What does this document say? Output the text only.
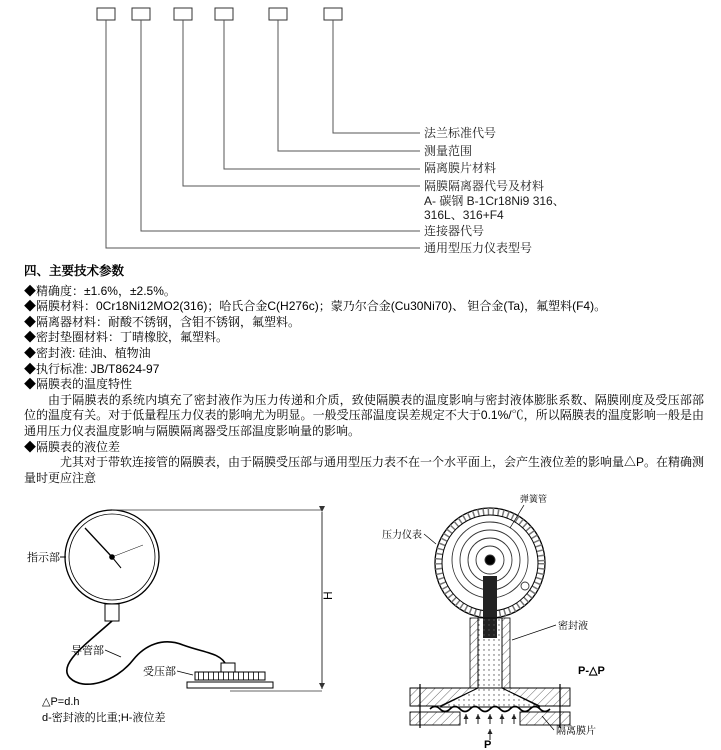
法兰标准代号
测量范围
隔离膜片材料
隔膜隔离器代号及材料
A- 碳钢 B-1Cr18Ni9 316、
316L、316+F4
连接器代号
通用型压力仪表型号
四、主要技术参数
◆精确度：±1.6%，±2.5%。
◆隔膜材料：0Cr18Ni12MO2(316)；哈氏合金C(H276c)；蒙乃尔合金(Cu30Ni70)、 钽合金(Ta)，氟塑料(F4)。
◆隔离器材料：耐酸不锈钢，含钼不锈钢，氟塑料。
◆密封垫圈材料：丁晴橡胶，氟塑料。
◆密封液: 硅油、植物油
◆执行标准: JB/T8624-97
◆隔膜表的温度特性
由于隔膜表的系统内填充了密封液作为压力传递和介质，致使隔膜表的温度影响与密封液体膨胀系数、隔膜刚度及受压部部位的温度有关。对于低量程压力仪表的影响尤为明显。一般受压部温度误差规定不大于0.1%/℃，所以隔膜表的温度影响一般是由通用压力仪表温度影响与隔膜隔离器受压部温度影响量的影响。
◆隔膜表的液位差
尤其对于带软连接管的隔膜表，由于隔膜受压部与通用型压力表不在一个水平面上，会产生液位差的影响量△P。在精确测量时更应注意
H
指示部
导管部
受压部
△P=d.h
d-密封液的比重;H-液位差
弹簧管
压力仪表
密封液
P-△P
隔离膜片
P
